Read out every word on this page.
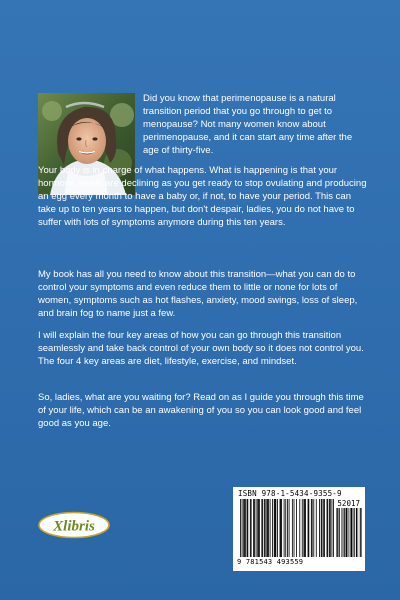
Did you know that perimenopause is a natural transition period that you go through to get to menopause? Not many women know about perimenopause, and it can start any time after the age of thirty-five.

Your body is in charge of what happens. What is happening is that your hormone levels are declining as you get ready to stop ovulating and producing an egg every month to have a baby or, if not, to have your period. This can take up to ten years to happen, but don't despair, ladies, you do not have to suffer with lots of symptoms anymore during this ten years.

My book has all you need to know about this transition—what you can do to control your symptoms and even reduce them to little or none for lots of women, symptoms such as hot flashes, anxiety, mood swings, loss of sleep, and brain fog to name just a few.

I will explain the four key areas of how you can go through this transition seamlessly and take back control of your own body so it does not control you. The four 4 key areas are diet, lifestyle, exercise, and mindset.

So, ladies, what are you waiting for? Read on as I guide you through this time of your life, which can be an awakening of you so you can look good and feel good as you age.

Xlibris
ISBN 978-1-5434-9355-9
52017
9 781543 493559
